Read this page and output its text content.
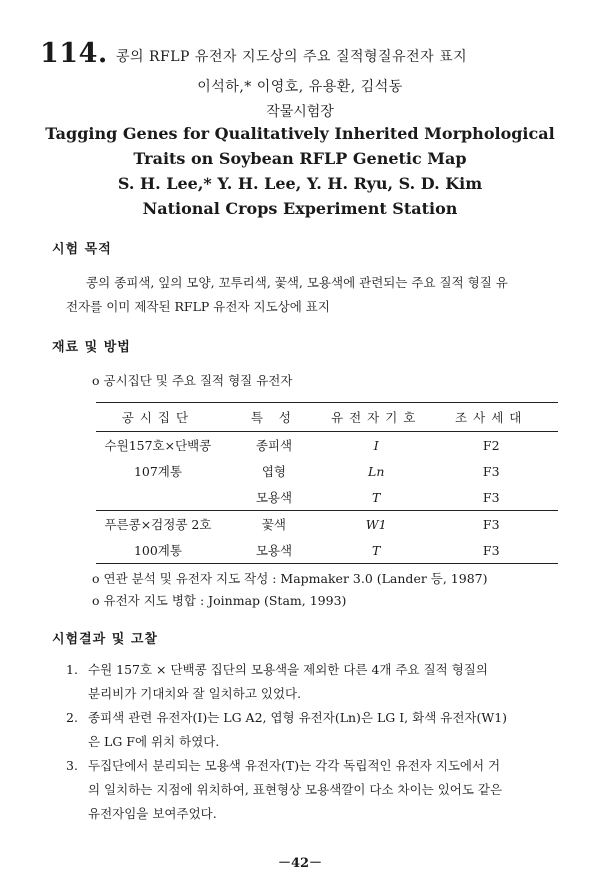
114. 콩의 RFLP 유전자 지도상의 주요 질적형질유전자 표지
이석하,* 이영호, 유용환, 김석동
작물시험장
Tagging Genes for Qualitatively Inherited Morphological
Traits on Soybean RFLP Genetic Map
S. H. Lee,* Y. H. Lee, Y. H. Ryu, S. D. Kim
National Crops Experiment Station
시험 목적
콩의 종피색, 잎의 모양, 꼬투리색, 꽃색, 모용색에 관련되는 주요 질적 형질 유
전자를 이미 제작된 RFLP 유전자 지도상에 표지
재료 및 방법
o 공시집단 및 주요 질적 형질 유전자
공시집단	특 성	유전자기호	조사세대
수원157호×단백콩	종피색	I	F2
107계통	엽형	Ln	F3
	모용색	T	F3
푸른콩×검정콩 2호	꽃색	W1	F3
100계통	모용색	T	F3
o 연관 분석 및 유전자 지도 작성 : Mapmaker 3.0 (Lander 등, 1987)
o 유전자 지도 병합 : Joinmap (Stam, 1993)
시험결과 및 고찰
1. 수원 157호 × 단백콩 집단의 모용색을 제외한 다른 4개 주요 질적 형질의
분리비가 기대치와 잘 일치하고 있었다.
2. 종피색 관련 유전자(I)는 LG A2, 엽형 유전자(Ln)은 LG I, 화색 유전자(W1)
은 LG F에 위치 하였다.
3. 두집단에서 분리되는 모용색 유전자(T)는 각각 독립적인 유전자 지도에서 거
의 일치하는 지점에 위치하여, 표현형상 모용색깔이 다소 차이는 있어도 같은
유전자임을 보여주었다.
－42－
